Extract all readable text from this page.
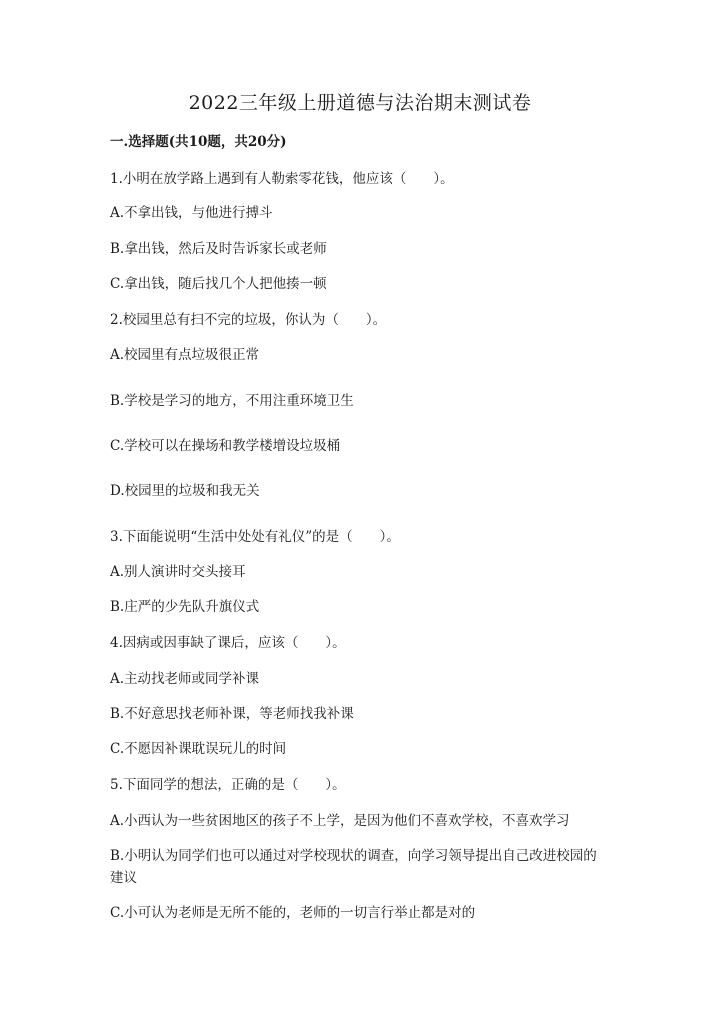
2022三年级上册道德与法治期末测试卷
一.选择题(共10题，共20分)
1.小明在放学路上遇到有人勒索零花钱，他应该（　　）。
A.不拿出钱，与他进行搏斗
B.拿出钱，然后及时告诉家长或老师
C.拿出钱，随后找几个人把他揍一顿
2.校园里总有扫不完的垃圾，你认为（　　）。
A.校园里有点垃圾很正常
B.学校是学习的地方，不用注重环境卫生
C.学校可以在操场和教学楼增设垃圾桶
D.校园里的垃圾和我无关
3.下面能说明“生活中处处有礼仪”的是（　　）。
A.别人演讲时交头接耳
B.庄严的少先队升旗仪式
4.因病或因事缺了课后，应该（　　）。
A.主动找老师或同学补课
B.不好意思找老师补课，等老师找我补课
C.不愿因补课耽误玩儿的时间
5.下面同学的想法，正确的是（　　）。
A.小西认为一些贫困地区的孩子不上学，是因为他们不喜欢学校，不喜欢学习
B.小明认为同学们也可以通过对学校现状的调查，向学习领导提出自己改进校园的建议
C.小可认为老师是无所不能的，老师的一切言行举止都是对的
